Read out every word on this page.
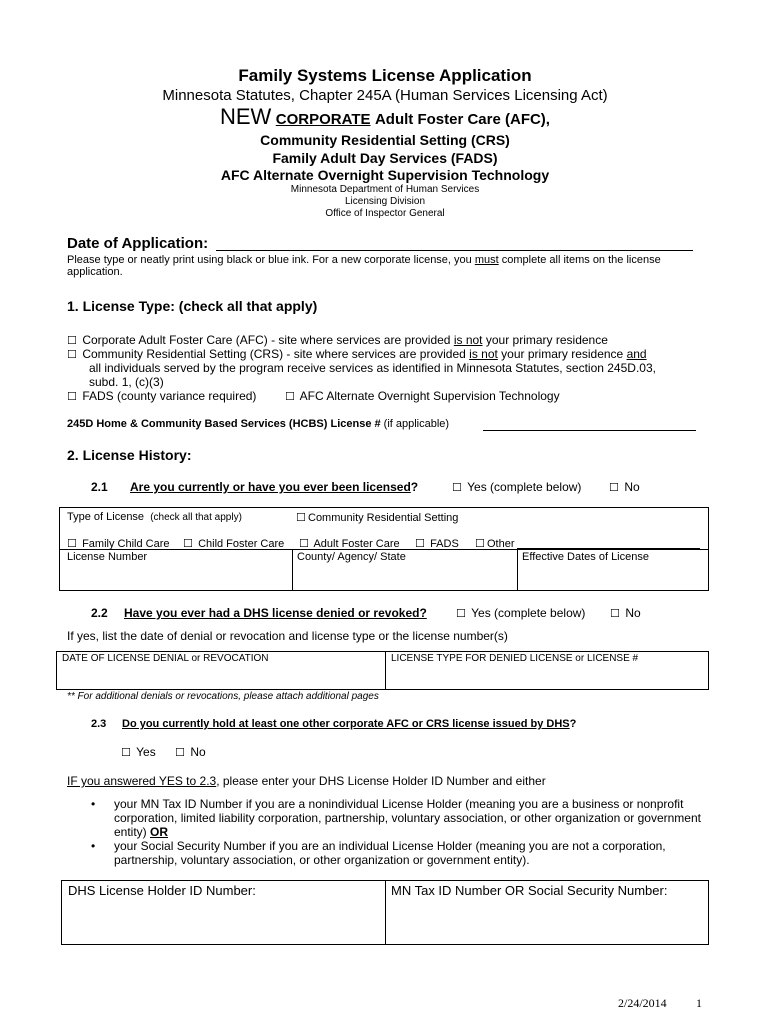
Family Systems License Application
Minnesota Statutes, Chapter 245A (Human Services Licensing Act)
NEW CORPORATE Adult Foster Care (AFC),
Community Residential Setting (CRS)
Family Adult Day Services (FADS)
AFC Alternate Overnight Supervision Technology
Minnesota Department of Human Services
Licensing Division
Office of Inspector General
Date of Application:
Please type or neatly print using black or blue ink. For a new corporate license, you must complete all items on the license
application.
1. License Type: (check all that apply)
☐ Corporate Adult Foster Care (AFC) - site where services are provided is not your primary residence
☐ Community Residential Setting (CRS) - site where services are provided is not your primary residence and
all individuals served by the program receive services as identified in Minnesota Statutes, section 245D.03,
subd. 1, (c)(3)
☐ FADS (county variance required)	☐ AFC Alternate Overnight Supervision Technology
245D Home & Community Based Services (HCBS) License # (if applicable)
2. License History:
2.1 Are you currently or have you ever been licensed?	☐ Yes (complete below)	☐ No
Type of License (check all that apply)	☐ Community Residential Setting
☐ Family Child Care ☐ Child Foster Care ☐ Adult Foster Care ☐ FADS ☐ Other
License Number	County/ Agency/ State	Effective Dates of License
2.2 Have you ever had a DHS license denied or revoked?	☐ Yes (complete below) ☐ No
If yes, list the date of denial or revocation and license type or the license number(s)
DATE OF LICENSE DENIAL or REVOCATION	LICENSE TYPE FOR DENIED LICENSE or LICENSE #
** For additional denials or revocations, please attach additional pages
2.3 Do you currently hold at least one other corporate AFC or CRS license issued by DHS?
☐ Yes ☐ No
IF you answered YES to 2.3, please enter your DHS License Holder ID Number and either
• your MN Tax ID Number if you are a nonindividual License Holder (meaning you are a business or nonprofit
corporation, limited liability corporation, partnership, voluntary association, or other organization or government
entity) OR
• your Social Security Number if you are an individual License Holder (meaning you are not a corporation,
partnership, voluntary association, or other organization or government entity).
DHS License Holder ID Number:	MN Tax ID Number OR Social Security Number:
2/24/2014 1
